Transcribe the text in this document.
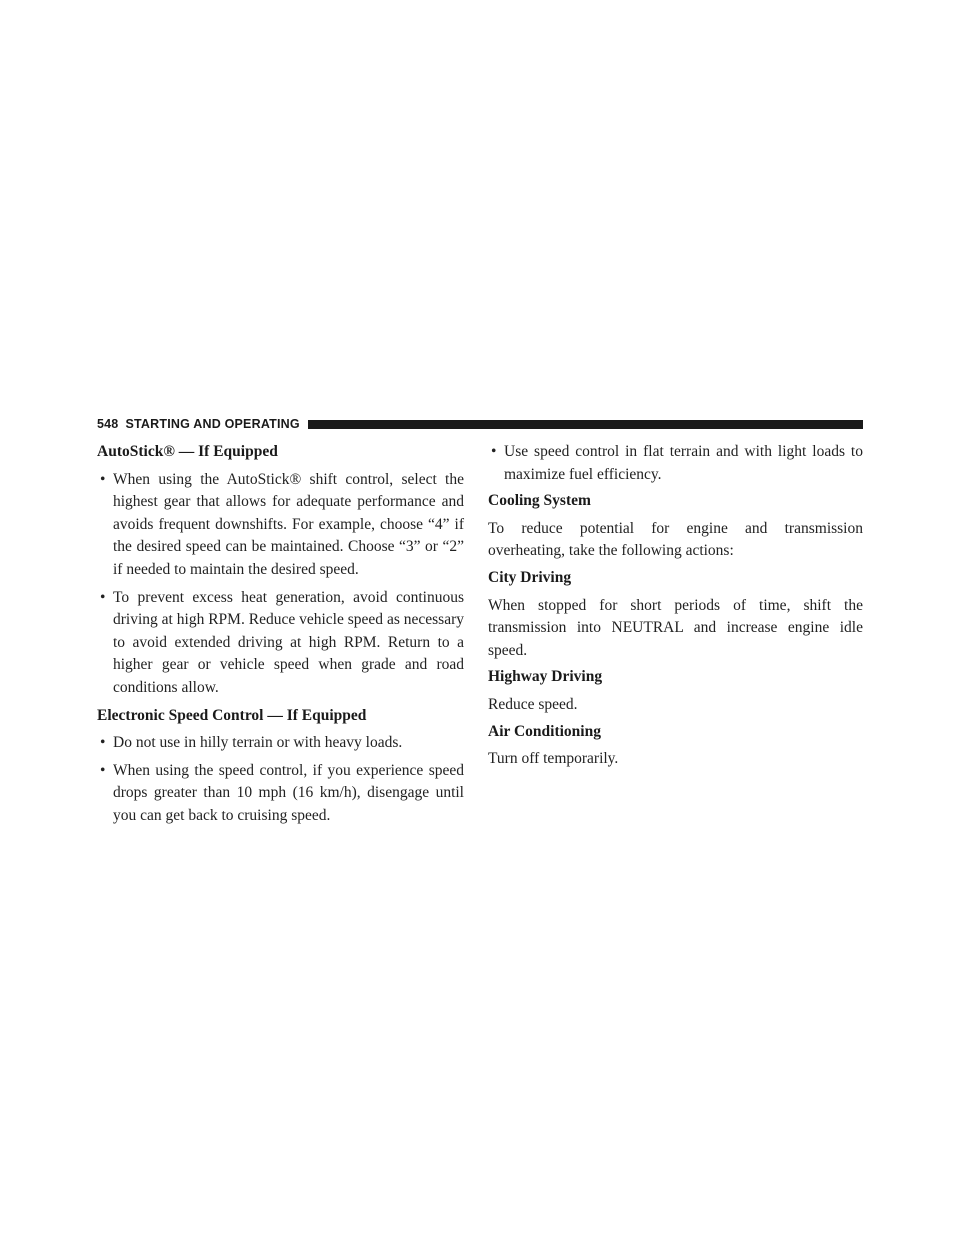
548 STARTING AND OPERATING
AutoStick® — If Equipped
• When using the AutoStick® shift control, select the highest gear that allows for adequate performance and avoids frequent downshifts. For example, choose “4” if the desired speed can be maintained. Choose “3” or “2” if needed to maintain the desired speed.
• To prevent excess heat generation, avoid continuous driving at high RPM. Reduce vehicle speed as necessary to avoid extended driving at high RPM. Return to a higher gear or vehicle speed when grade and road conditions allow.
Electronic Speed Control — If Equipped
• Do not use in hilly terrain or with heavy loads.
• When using the speed control, if you experience speed drops greater than 10 mph (16 km/h), disengage until you can get back to cruising speed.
• Use speed control in flat terrain and with light loads to maximize fuel efficiency.
Cooling System

To reduce potential for engine and transmission overheating, take the following actions:

City Driving

When stopped for short periods of time, shift the transmission into NEUTRAL and increase engine idle speed.

Highway Driving

Reduce speed.

Air Conditioning

Turn off temporarily.
